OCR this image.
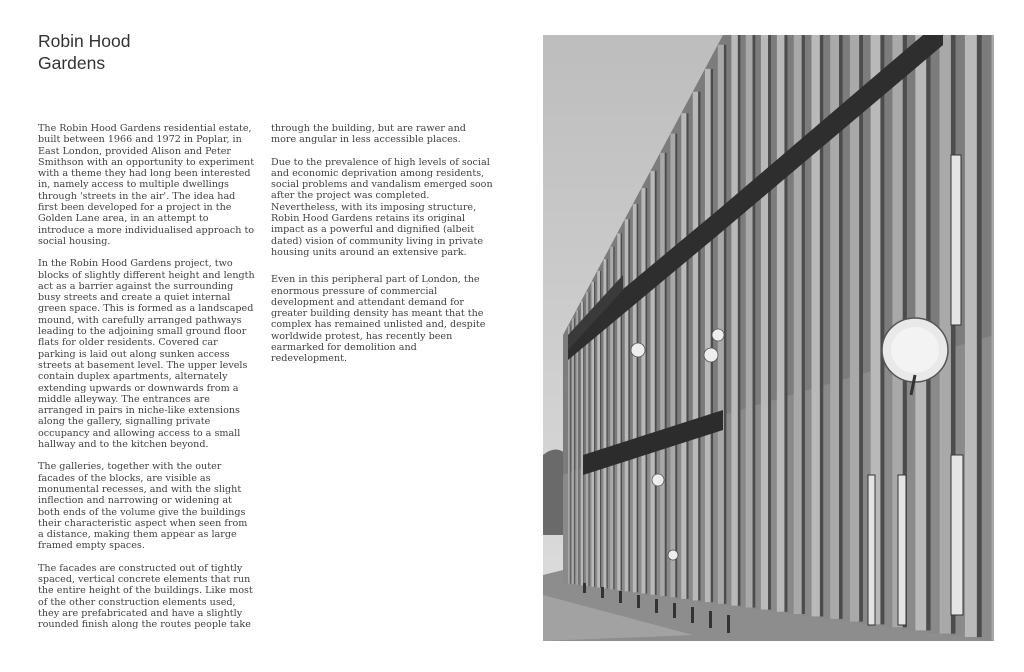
Robin Hood
Gardens

The Robin Hood Gardens residential estate, built between 1966 and 1972 in Poplar, in East London, provided Alison and Peter Smithson with an opportunity to experiment with a theme they had long been interested in, namely access to multiple dwellings through 'streets in the air'. The idea had first been developed for a project in the Golden Lane area, in an attempt to introduce a more individualised approach to social housing.

In the Robin Hood Gardens project, two blocks of slightly different height and length act as a barrier against the surrounding busy streets and create a quiet internal green space. This is formed as a landscaped mound, with carefully arranged pathways leading to the adjoining small ground floor flats for older residents. Covered car parking is laid out along sunken access streets at basement level. The upper levels contain duplex apartments, alternately extending upwards or downwards from a middle alleyway. The entrances are arranged in pairs in niche-like extensions along the gallery, signalling private occupancy and allowing access to a small hallway and to the kitchen beyond.

The galleries, together with the outer facades of the blocks, are visible as monumental recesses, and with the slight inflection and narrowing or widening at both ends of the volume give the buildings their characteristic aspect when seen from a distance, making them appear as large framed empty spaces.

The facades are constructed out of tightly spaced, vertical concrete elements that run the entire height of the buildings. Like most of the other construction elements used, they are prefabricated and have a slightly rounded finish along the routes people take

through the building, but are rawer and more angular in less accessible places.

Due to the prevalence of high levels of social and economic deprivation among residents, social problems and vandalism emerged soon after the project was completed. Nevertheless, with its imposing structure, Robin Hood Gardens retains its original impact as a powerful and dignified (albeit dated) vision of community living in private housing units around an extensive park.

Even in this peripheral part of London, the enormous pressure of commercial development and attendant demand for greater building density has meant that the complex has remained unlisted and, despite worldwide protest, has recently been earmarked for demolition and redevelopment.
